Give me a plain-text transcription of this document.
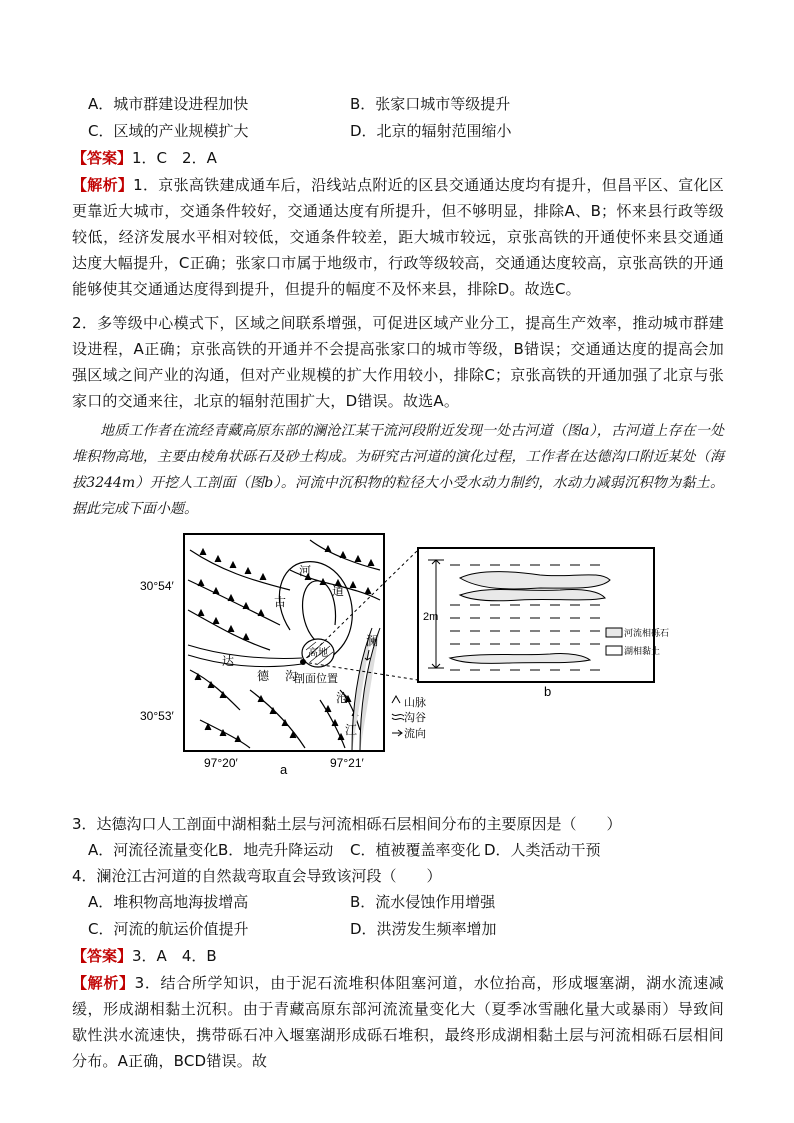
A．城市群建设进程加快	B．张家口城市等级提升
C．区域的产业规模扩大	D．北京的辐射范围缩小
【答案】1．C　2．A
【解析】1．京张高铁建成通车后，沿线站点附近的区县交通通达度均有提升，但昌平区、宣化区更靠近大城市，交通条件较好，交通通达度有所提升，但不够明显，排除A、B；怀来县行政等级较低，经济发展水平相对较低，交通条件较差，距大城市较远，京张高铁的开通使怀来县交通通达度大幅提升，C正确；张家口市属于地级市，行政等级较高，交通通达度较高，京张高铁的开通能够使其交通通达度得到提升，但提升的幅度不及怀来县，排除D。故选C。
2．多等级中心模式下，区域之间联系增强，可促进区域产业分工，提高生产效率，推动城市群建设进程，A正确；京张高铁的开通并不会提高张家口的城市等级，B错误；交通通达度的提高会加强区域之间产业的沟通，但对产业规模的扩大作用较小，排除C；京张高铁的开通加强了北京与张家口的交通来往，北京的辐射范围扩大，D错误。故选A。
地质工作者在流经青藏高原东部的澜沧江某干流河段附近发现一处古河道（图a），古河道上存在一处堆积物高地，主要由棱角状砾石及砂土构成。为研究古河道的演化过程，工作者在达德沟口附近某处（海拔3244m）开挖人工剖面（图b）。河流中沉积物的粒径大小受水动力制约，水动力减弱沉积物为黏土。据此完成下面小题。
河
道
古
达
德 沟
澜
沧
江
高地
剖面位置
30°54′
30°53′
97°20′	97°21′
a
山脉
沟谷
流向
2m
河流相砾石
湖相黏土
b
3．达德沟口人工剖面中湖相黏土层与河流相砾石层相间分布的主要原因是（　　）
A．河流径流量变化 B．地壳升降运动 C．植被覆盖率变化 D．人类活动干预
4．澜沧江古河道的自然裁弯取直会导致该河段（　　）
A．堆积物高地海拔增高	B．流水侵蚀作用增强
C．河流的航运价值提升	D．洪涝发生频率增加
【答案】3．A　4．B
【解析】3．结合所学知识，由于泥石流堆积体阻塞河道，水位抬高，形成堰塞湖，湖水流速减缓，形成湖相黏土沉积。由于青藏高原东部河流流量变化大（夏季冰雪融化量大或暴雨）导致间歇性洪水流速快，携带砾石冲入堰塞湖形成砾石堆积，最终形成湖相黏土层与河流相砾石层相间分布。A正确，BCD错误。故
